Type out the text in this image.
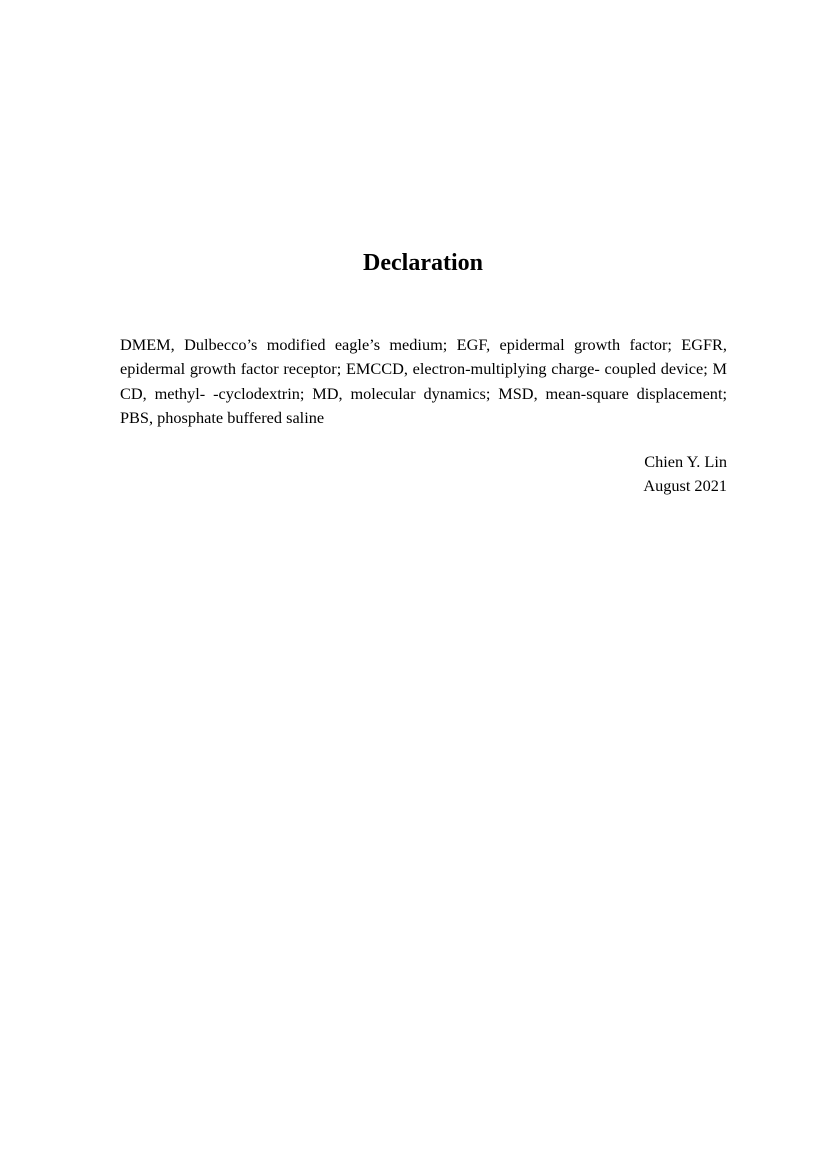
Declaration

DMEM, Dulbecco’s modified eagle’s medium; EGF, epidermal growth factor; EGFR, epidermal growth factor receptor; EMCCD, electron-multiplying charge- coupled device; M CD, methyl- -cyclodextrin; MD, molecular dynamics; MSD, mean-square displacement; PBS, phosphate buffered saline

Chien Y. Lin
August 2021
